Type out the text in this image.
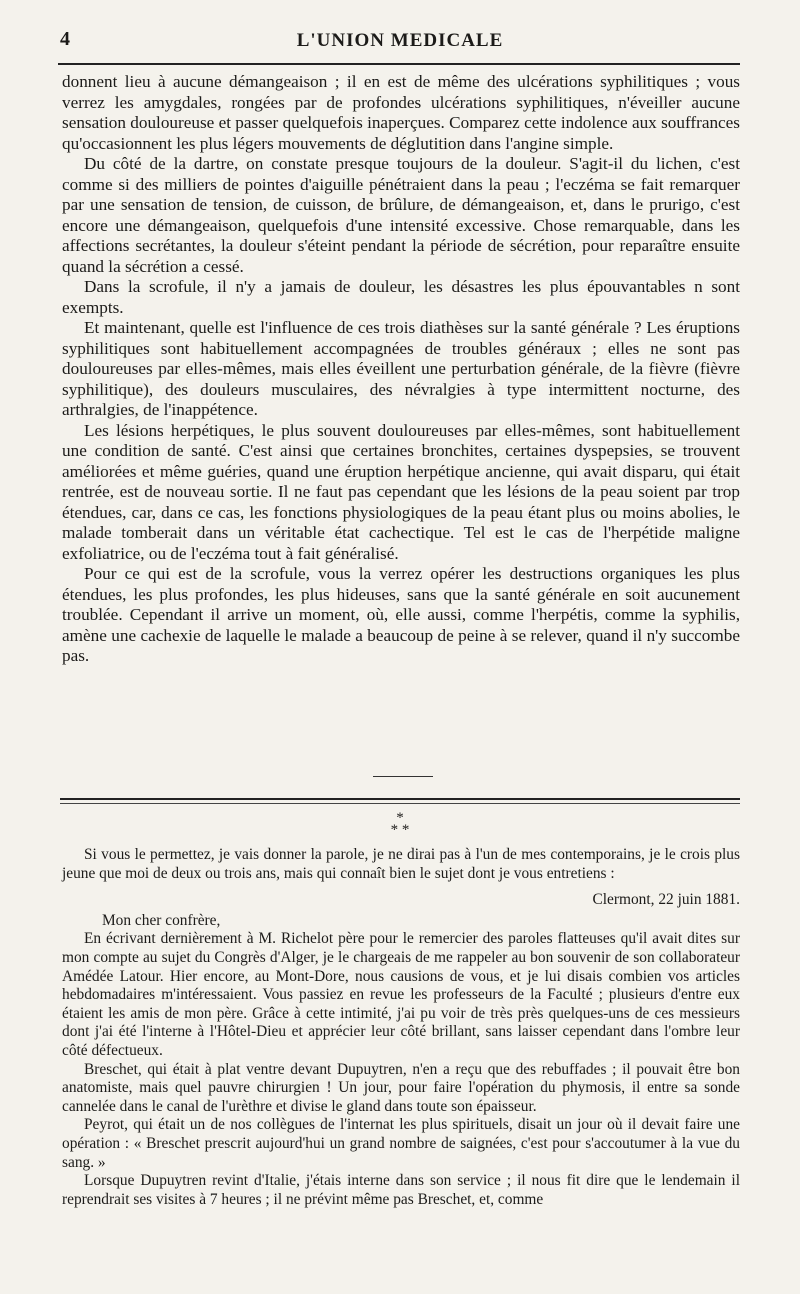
4	L'UNION MEDICALE

donnent lieu à aucune démangeaison ; il en est de même des ulcérations syphilitiques ; vous verrez les amygdales, rongées par de profondes ulcérations syphilitiques, n'éveiller aucune sensation douloureuse et passer quelquefois inaperçues. Comparez cette indolence aux souffrances qu'occasionnent les plus légers mouvements de déglutition dans l'angine simple.

Du côté de la dartre, on constate presque toujours de la douleur. S'agit-il du lichen, c'est comme si des milliers de pointes d'aiguille pénétraient dans la peau ; l'eczéma se fait remarquer par une sensation de tension, de cuisson, de brûlure, de démangeaison, et, dans le prurigo, c'est encore une démangeaison, quelquefois d'une intensité excessive. Chose remarquable, dans les affections secrétantes, la douleur s'éteint pendant la période de sécrétion, pour reparaître ensuite quand la sécrétion a cessé.

Dans la scrofule, il n'y a jamais de douleur, les désastres les plus épouvantables n sont exempts.

Et maintenant, quelle est l'influence de ces trois diathèses sur la santé générale ? Les éruptions syphilitiques sont habituellement accompagnées de troubles généraux ; elles ne sont pas douloureuses par elles-mêmes, mais elles éveillent une perturbation générale, de la fièvre (fièvre syphilitique), des douleurs musculaires, des névralgies à type intermittent nocturne, des arthralgies, de l'inappétence.

Les lésions herpétiques, le plus souvent douloureuses par elles-mêmes, sont habituellement une condition de santé. C'est ainsi que certaines bronchites, certaines dyspepsies, se trouvent améliorées et même guéries, quand une éruption herpétique ancienne, qui avait disparu, qui était rentrée, est de nouveau sortie. Il ne faut pas cependant que les lésions de la peau soient par trop étendues, car, dans ce cas, les fonctions physiologiques de la peau étant plus ou moins abolies, le malade tomberait dans un véritable état cachectique. Tel est le cas de l'herpétide maligne exfoliatrice, ou de l'eczéma tout à fait généralisé.

Pour ce qui est de la scrofule, vous la verrez opérer les destructions organiques les plus étendues, les plus profondes, les plus hideuses, sans que la santé générale en soit aucunement troublée. Cependant il arrive un moment, où, elle aussi, comme l'herpétis, comme la syphilis, amène une cachexie de laquelle le malade a beaucoup de peine à se relever, quand il n'y succombe pas.

*
* *

Si vous le permettez, je vais donner la parole, je ne dirai pas à l'un de mes contemporains, je le crois plus jeune que moi de deux ou trois ans, mais qui connaît bien le sujet dont je vous entretiens :

Clermont, 22 juin 1881.

Mon cher confrère,

En écrivant dernièrement à M. Richelot père pour le remercier des paroles flatteuses qu'il avait dites sur mon compte au sujet du Congrès d'Alger, je le chargeais de me rappeler au bon souvenir de son collaborateur Amédée Latour. Hier encore, au Mont-Dore, nous causions de vous, et je lui disais combien vos articles hebdomadaires m'intéressaient. Vous passiez en revue les professeurs de la Faculté ; plusieurs d'entre eux étaient les amis de mon père. Grâce à cette intimité, j'ai pu voir de très près quelques-uns de ces messieurs dont j'ai été l'interne à l'Hôtel-Dieu et apprécier leur côté brillant, sans laisser cependant dans l'ombre leur côté défectueux.

Breschet, qui était à plat ventre devant Dupuytren, n'en a reçu que des rebuffades ; il pouvait être bon anatomiste, mais quel pauvre chirurgien ! Un jour, pour faire l'opération du phymosis, il entre sa sonde cannelée dans le canal de l'urèthre et divise le gland dans toute son épaisseur.

Peyrot, qui était un de nos collègues de l'internat les plus spirituels, disait un jour où il devait faire une opération : « Breschet prescrit aujourd'hui un grand nombre de saignées, c'est pour s'accoutumer à la vue du sang. »

Lorsque Dupuytren revint d'Italie, j'étais interne dans son service ; il nous fit dire que le lendemain il reprendrait ses visites à 7 heures ; il ne prévint même pas Breschet, et, comme
